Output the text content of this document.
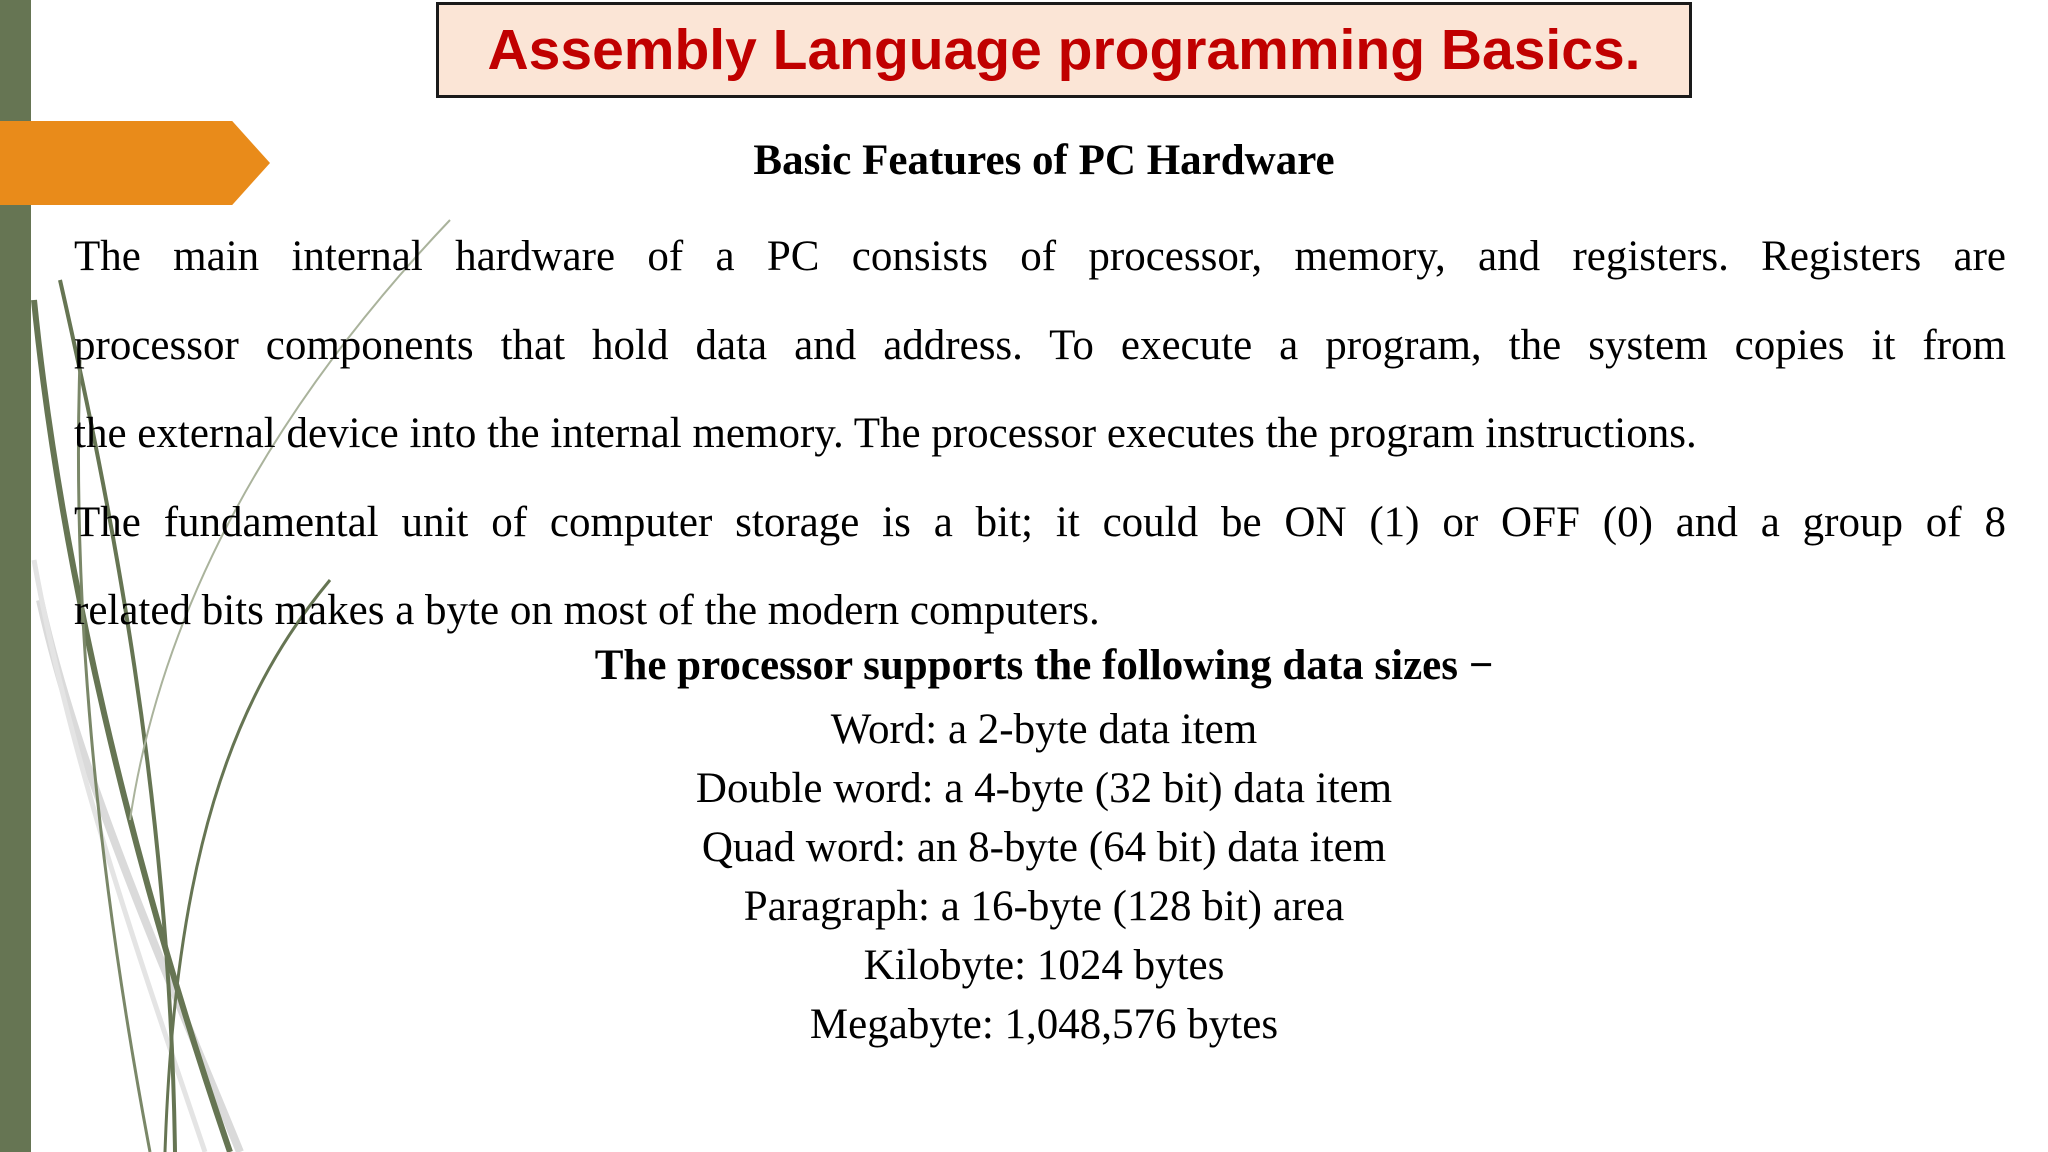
Assembly Language programming Basics.
Basic Features of PC Hardware
The main internal hardware of a PC consists of processor, memory, and registers. Registers are
processor components that hold data and address. To execute a program, the system copies it from
the external device into the internal memory. The processor executes the program instructions.
The fundamental unit of computer storage is a bit; it could be ON (1) or OFF (0) and a group of 8
related bits makes a byte on most of the modern computers.
The processor supports the following data sizes −
Word: a 2-byte data item
Double word: a 4-byte (32 bit) data item
Quad word: an 8-byte (64 bit) data item
Paragraph: a 16-byte (128 bit) area
Kilobyte: 1024 bytes
Megabyte: 1,048,576 bytes
